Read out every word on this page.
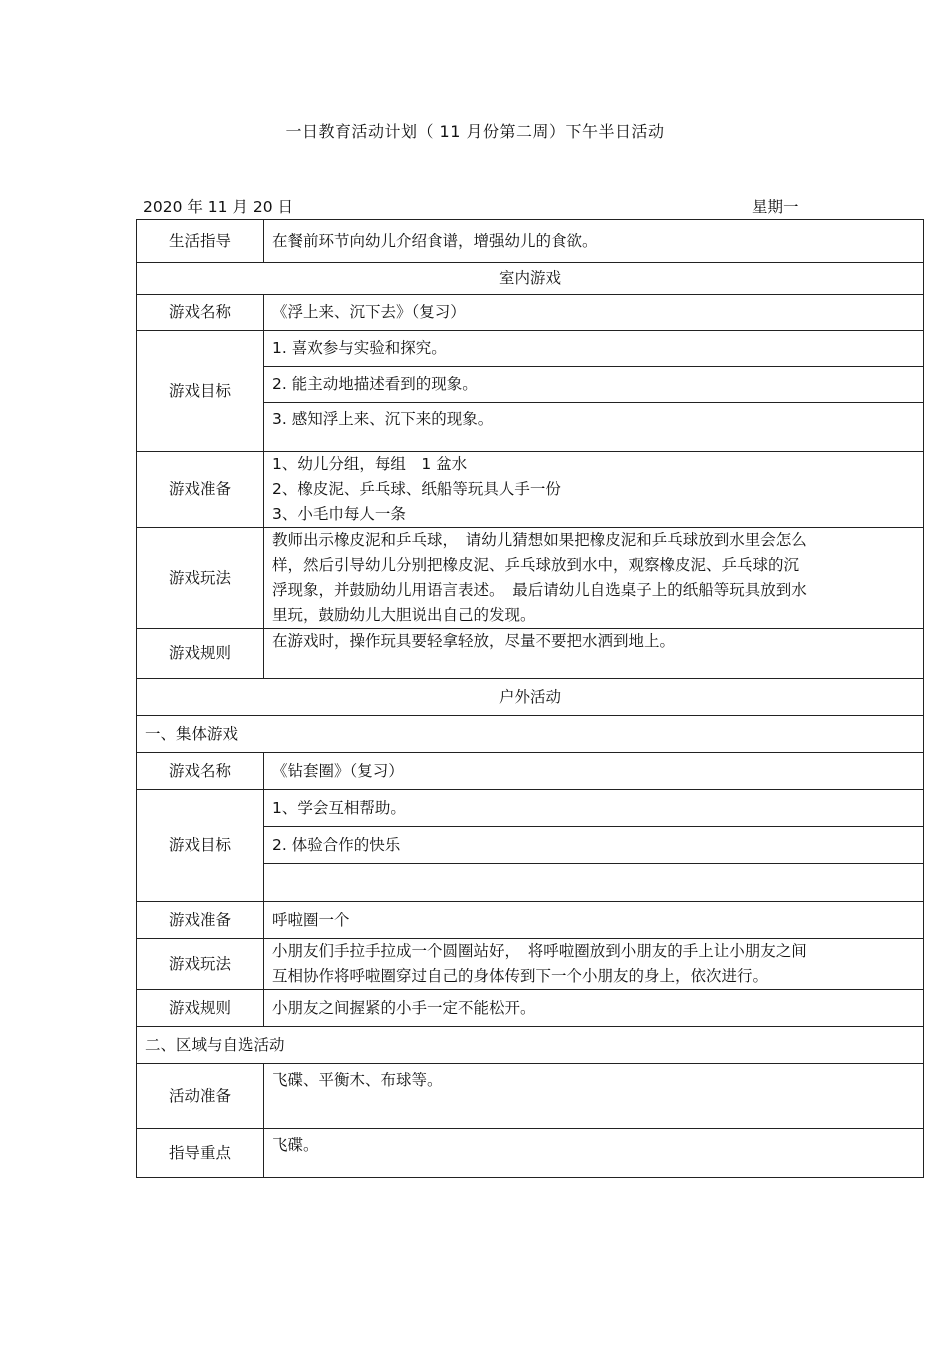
一日教育活动计划（ 11 月份第二周）下午半日活动
2020 年 11 月 20 日	星期一
生活指导	在餐前环节向幼儿介绍食谱，增强幼儿的食欲。
室内游戏	
游戏名称	《浮上来、沉下去》（复习）
游戏目标	1. 喜欢参与实验和探究。
	2. 能主动地描述看到的现象。

	3. 感知浮上来、沉下来的现象。

游戏准备	1、幼儿分组，每组　1 盆水
2、橡皮泥、乒乓球、纸船等玩具人手一份
3、小毛巾每人一条

游戏玩法	教师出示橡皮泥和乒乓球，　请幼儿猜想如果把橡皮泥和乒乓球放到水里会怎么
样，然后引导幼儿分别把橡皮泥、乒乓球放到水中，观察橡皮泥、乒乓球的沉
浮现象，并鼓励幼儿用语言表述。　最后请幼儿自选桌子上的纸船等玩具放到水
里玩，鼓励幼儿大胆说出自己的发现。

游戏规则	在游戏时，操作玩具要轻拿轻放，尽量不要把水洒到地上。

户外活动	
一、集体游戏	
游戏名称	《钻套圈》（复习）
游戏目标	1、学会互相帮助。
	2. 体验合作的快乐

游戏准备	呼啦圈一个
游戏玩法	小朋友们手拉手拉成一个圆圈站好，　将呼啦圈放到小朋友的手上让小朋友之间
互相协作将呼啦圈穿过自己的身体传到下一个小朋友的身上，依次进行。

游戏规则	小朋友之间握紧的小手一定不能松开。
二、区域与自选活动	
活动准备	飞碟、平衡木、布球等。

指导重点	飞碟。
